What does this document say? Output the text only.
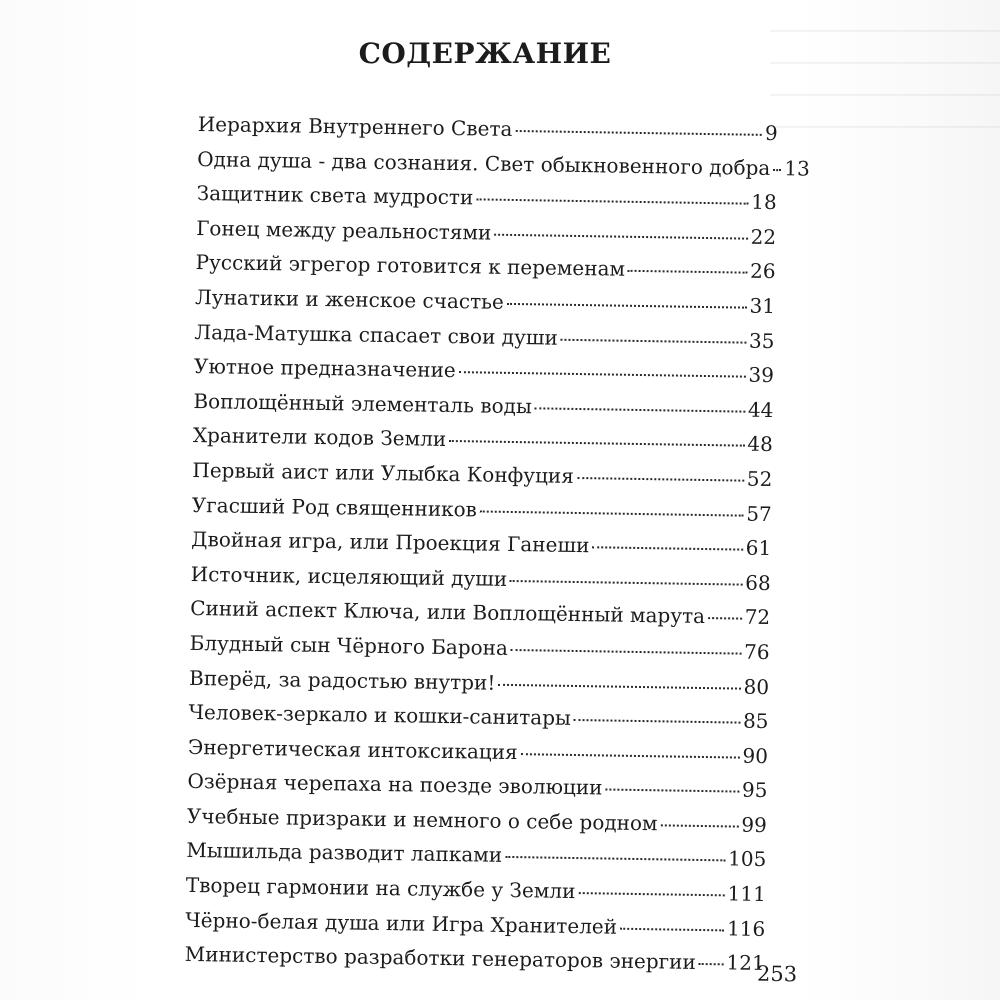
СОДЕРЖАНИЕ
Иерархия Внутреннего Света	9
Одна душа - два сознания. Свет обыкновенного добра 13
Защитник света мудрости	18
Гонец между реальностями	22
Русский эгрегор готовится к переменам	26
Лунатики и женское счастье	31
Лада-Матушка спасает свои души	35
Уютное предназначение	39
Воплощённый элементаль воды	44
Хранители кодов Земли	48
Первый аист или Улыбка Конфуция	52
Угасший Род священников	57
Двойная игра, или Проекция Ганеши	61
Источник, исцеляющий души	68
Синий аспект Ключа, или Воплощённый марута 72
Блудный сын Чёрного Барона	76
Вперёд, за радостью внутри!	80
Человек-зеркало и кошки-санитары	85
Энергетическая интоксикация	90
Озёрная черепаха на поезде эволюции	95
Учебные призраки и немного о себе родном	99
Мышильда разводит лапками	105
Творец гармонии на службе у Земли	111
Чёрно-белая душа или Игра Хранителей	116
Министерство разработки генераторов энергии 121
253
